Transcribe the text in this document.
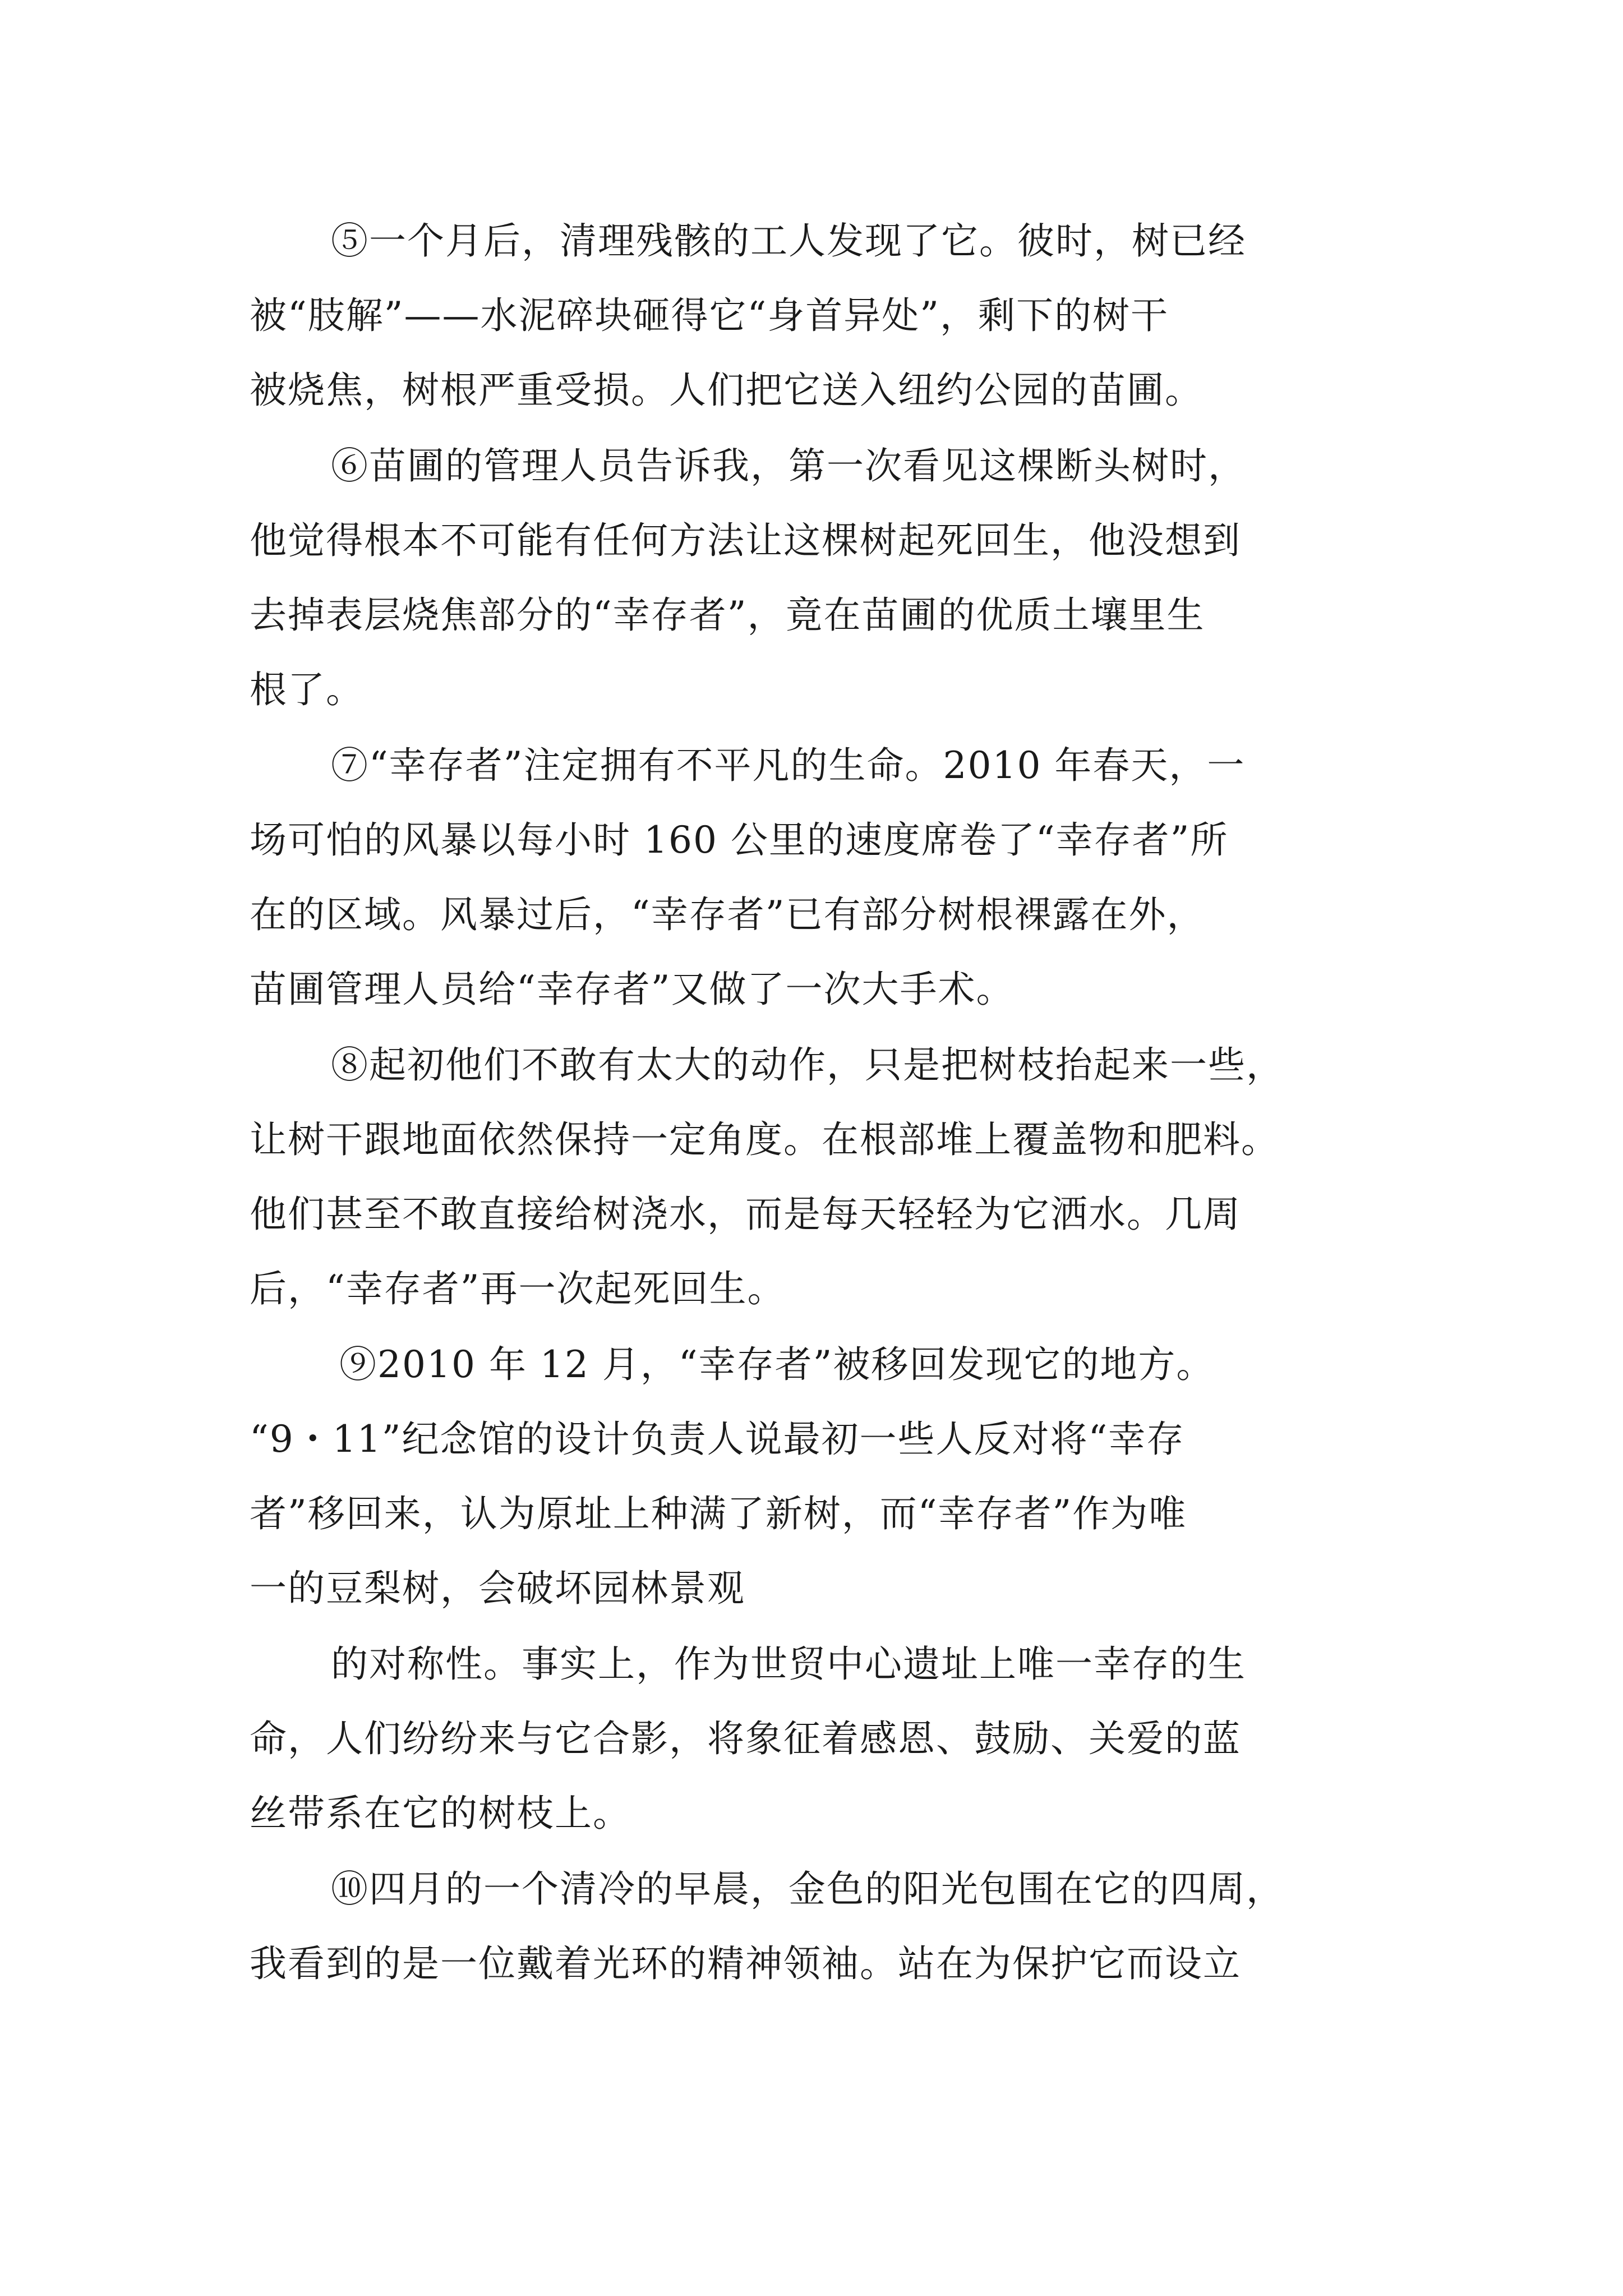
⑤一个月后，清理残骸的工人发现了它。彼时，树已经
被“肢解”——水泥碎块砸得它“身首异处”，剩下的树干
被烧焦，树根严重受损。人们把它送入纽约公园的苗圃。
⑥苗圃的管理人员告诉我，第一次看见这棵断头树时，
他觉得根本不可能有任何方法让这棵树起死回生，他没想到
去掉表层烧焦部分的“幸存者”，竟在苗圃的优质土壤里生
根了。
⑦“幸存者”注定拥有不平凡的生命。2010 年春天，一
场可怕的风暴以每小时 160 公里的速度席卷了“幸存者”所
在的区域。风暴过后，“幸存者”已有部分树根裸露在外，
苗圃管理人员给“幸存者”又做了一次大手术。
⑧起初他们不敢有太大的动作，只是把树枝抬起来一些，
让树干跟地面依然保持一定角度。在根部堆上覆盖物和肥料。
他们甚至不敢直接给树浇水，而是每天轻轻为它洒水。几周
后，“幸存者”再一次起死回生。
⑨2010 年 12 月，“幸存者”被移回发现它的地方。
“9・11”纪念馆的设计负责人说最初一些人反对将“幸存
者”移回来，认为原址上种满了新树，而“幸存者”作为唯
一的豆梨树，会破坏园林景观
的对称性。事实上，作为世贸中心遗址上唯一幸存的生
命，人们纷纷来与它合影，将象征着感恩、鼓励、关爱的蓝
丝带系在它的树枝上。
⑩四月的一个清冷的早晨，金色的阳光包围在它的四周，
我看到的是一位戴着光环的精神领袖。站在为保护它而设立
